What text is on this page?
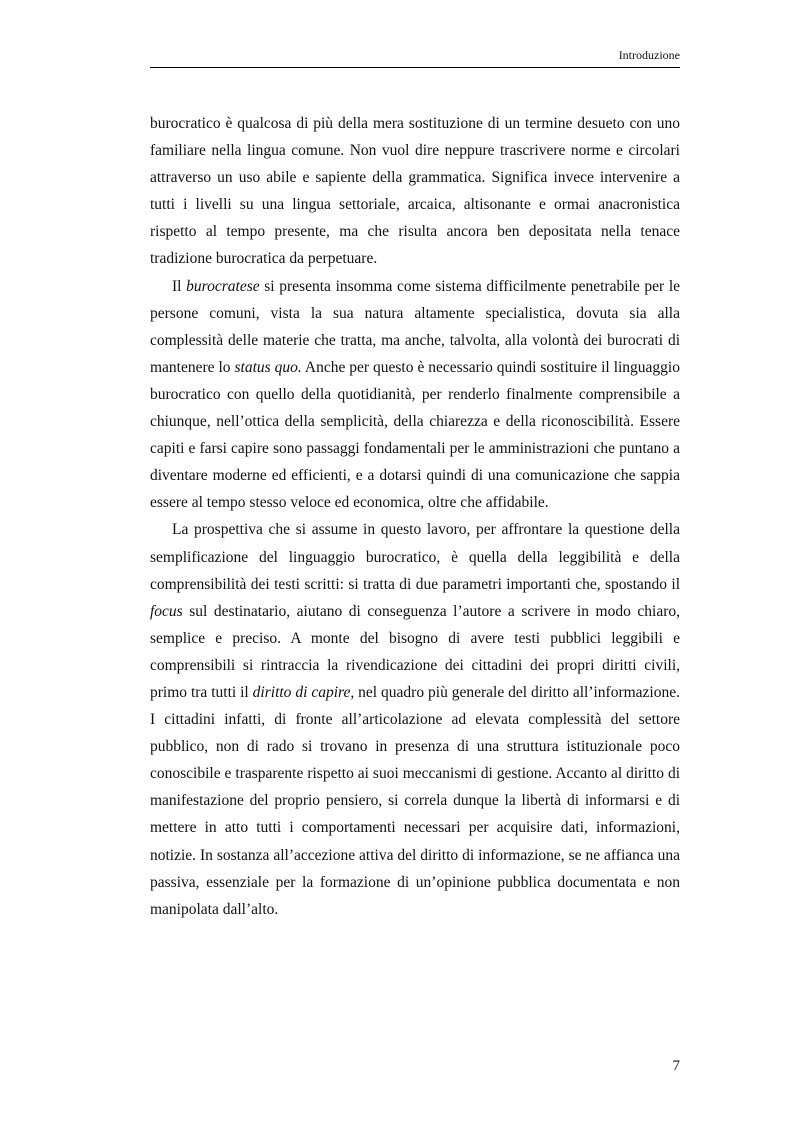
Introduzione

burocratico è qualcosa di più della mera sostituzione di un termine desueto con uno familiare nella lingua comune. Non vuol dire neppure trascrivere norme e circolari attraverso un uso abile e sapiente della grammatica. Significa invece intervenire a tutti i livelli su una lingua settoriale, arcaica, altisonante e ormai anacronistica rispetto al tempo presente, ma che risulta ancora ben depositata nella tenace tradizione burocratica da perpetuare.

Il burocratese si presenta insomma come sistema difficilmente penetrabile per le persone comuni, vista la sua natura altamente specialistica, dovuta sia alla complessità delle materie che tratta, ma anche, talvolta, alla volontà dei burocrati di mantenere lo status quo. Anche per questo è necessario quindi sostituire il linguaggio burocratico con quello della quotidianità, per renderlo finalmente comprensibile a chiunque, nell’ottica della semplicità, della chiarezza e della riconoscibilità. Essere capiti e farsi capire sono passaggi fondamentali per le amministrazioni che puntano a diventare moderne ed efficienti, e a dotarsi quindi di una comunicazione che sappia essere al tempo stesso veloce ed economica, oltre che affidabile.

La prospettiva che si assume in questo lavoro, per affrontare la questione della semplificazione del linguaggio burocratico, è quella della leggibilità e della comprensibilità dei testi scritti: si tratta di due parametri importanti che, spostando il focus sul destinatario, aiutano di conseguenza l’autore a scrivere in modo chiaro, semplice e preciso. A monte del bisogno di avere testi pubblici leggibili e comprensibili si rintraccia la rivendicazione dei cittadini dei propri diritti civili, primo tra tutti il diritto di capire, nel quadro più generale del diritto all’informazione. I cittadini infatti, di fronte all’articolazione ad elevata complessità del settore pubblico, non di rado si trovano in presenza di una struttura istituzionale poco conoscibile e trasparente rispetto ai suoi meccanismi di gestione. Accanto al diritto di manifestazione del proprio pensiero, si correla dunque la libertà di informarsi e di mettere in atto tutti i comportamenti necessari per acquisire dati, informazioni, notizie. In sostanza all’accezione attiva del diritto di informazione, se ne affianca una passiva, essenziale per la formazione di un’opinione pubblica documentata e non manipolata dall’alto.

7
